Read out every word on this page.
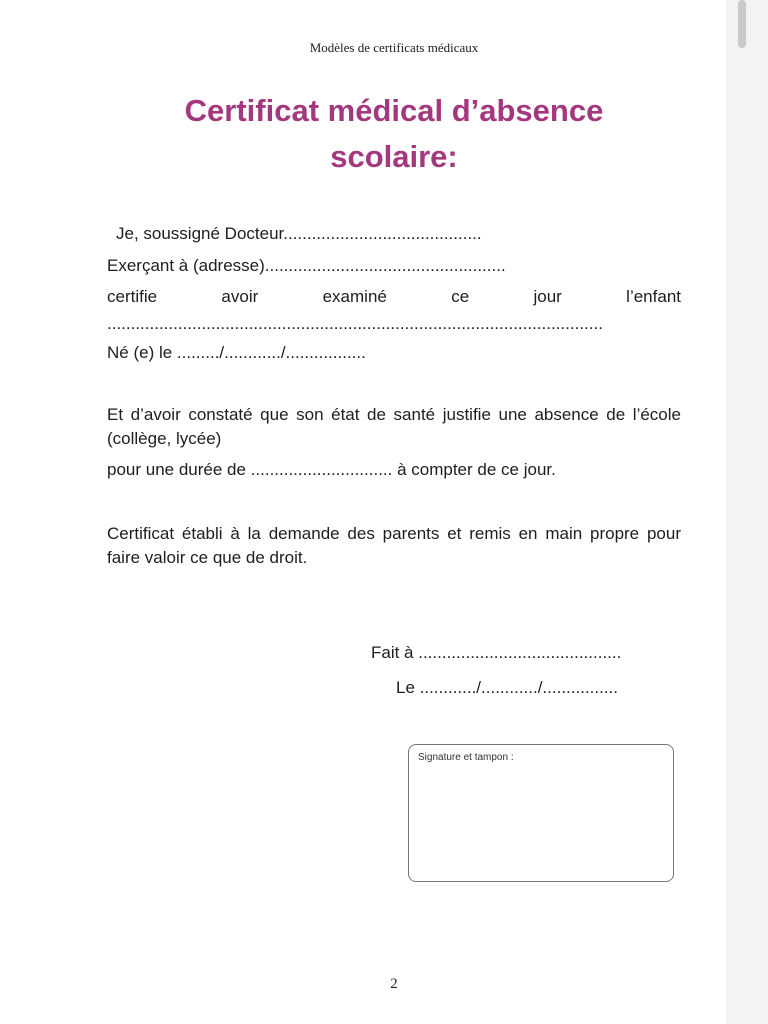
Modèles de certificats médicaux
Certificat médical d’absence
scolaire:
Je, soussigné Docteur..........................................
Exerçant à (adresse)...................................................
certifie	avoir	examiné	ce	jour	l’enfant
.........................................................................................................
Né (e) le ........./............/.................
Et d’avoir constaté que son état de santé justifie une absence de l’école (collège, lycée)
pour une durée de .............................. à compter de ce jour.
Certificat établi à la demande des parents et remis en main propre pour faire valoir ce que de droit.
Fait à ...........................................
Le ............/............/................
Signature et tampon :
2
